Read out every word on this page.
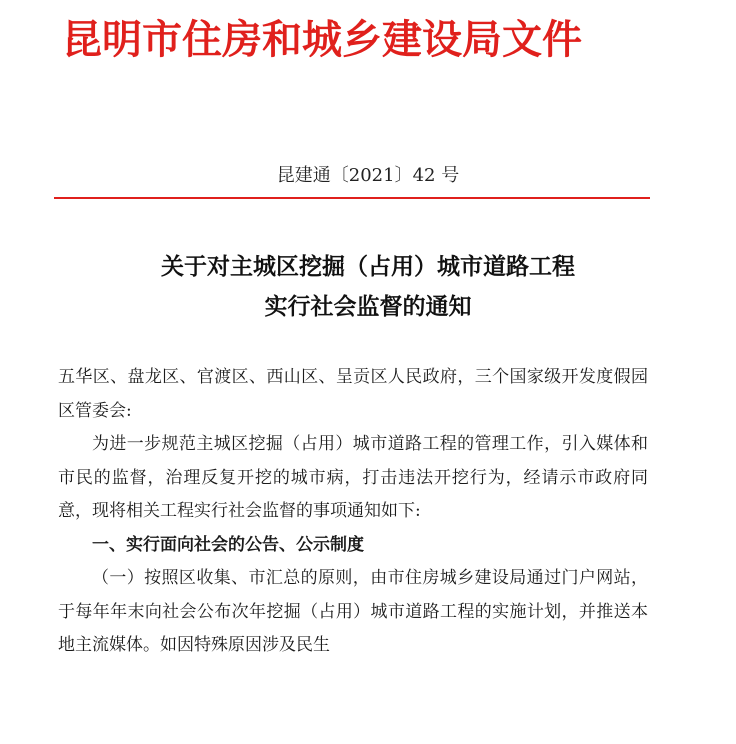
昆明市住房和城乡建设局文件
昆建通〔2021〕42 号
关于对主城区挖掘（占用）城市道路工程
实行社会监督的通知

五华区、盘龙区、官渡区、西山区、呈贡区人民政府，三个国家级开发度假园区管委会:

为进一步规范主城区挖掘（占用）城市道路工程的管理工作，引入媒体和市民的监督，治理反复开挖的城市病，打击违法开挖行为，经请示市政府同意，现将相关工程实行社会监督的事项通知如下:

一、实行面向社会的公告、公示制度

（一）按照区收集、市汇总的原则，由市住房城乡建设局通过门户网站，于每年年末向社会公布次年挖掘（占用）城市道路工程的实施计划，并推送本地主流媒体。如因特殊原因涉及民生
